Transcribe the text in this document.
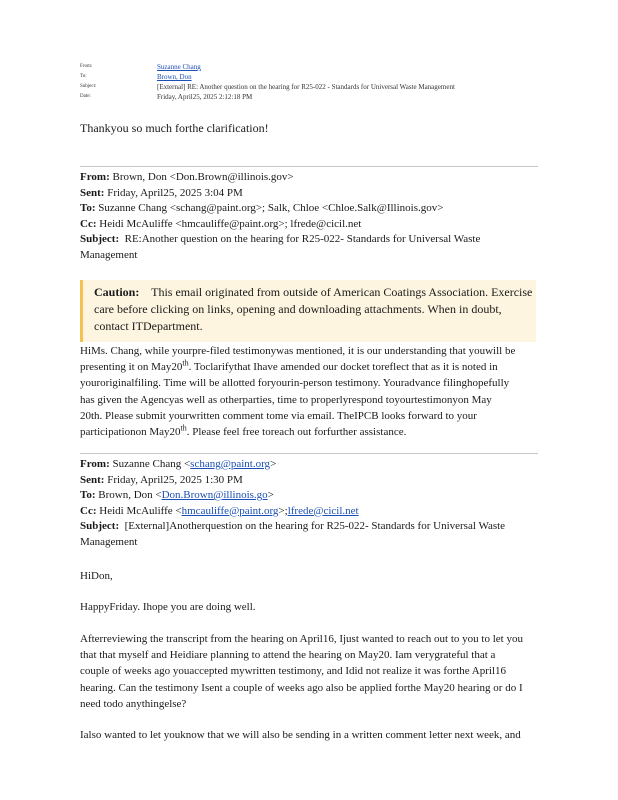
From:	Suzanne Chang
To:	Brown, Don
Subject:	[External] RE: Another question on the hearing for R25-022 - Standards for Universal Waste Management
Date:	Friday, April25, 2025 2:12:18 PM
Thankyou so much forthe clarification!
From: Brown, Don <Don.Brown@illinois.gov>
Sent: Friday, April25, 2025 3:04 PM
To: Suzanne Chang <schang@paint.org>; Salk, Chloe <Chloe.Salk@Illinois.gov>
Cc: Heidi McAuliffe <hmcauliffe@paint.org>; lfrede@cicil.net
Subject: RE:Another question on the hearing for R25-022- Standards for Universal Waste
Management
Caution: This email originated from outside of American Coatings Association. Exercise
care before clicking on links, opening and downloading attachments. When in doubt,
contact ITDepartment.
HiMs. Chang, while yourpre-filed testimonywas mentioned, it is our understanding that youwill be
presenting it on May20th. Toclarifythat Ihave amended our docket toreflect that as it is noted in
youroriginalfiling. Time will be allotted foryourin-person testimony. Youradvance filinghopefully
has given the Agencyas well as otherparties, time to properlyrespond toyourtestimonyon May
20th. Please submit yourwritten comment tome via email. TheIPCB looks forward to your
participationon May20th. Please feel free toreach out forfurther assistance.
From: Suzanne Chang <schang@paint.org>
Sent: Friday, April25, 2025 1:30 PM
To: Brown, Don <Don.Brown@illinois.go>
Cc: Heidi McAuliffe <hmcauliffe@paint.org>;lfrede@cicil.net
Subject: [External]Anotherquestion on the hearing for R25-022- Standards for Universal Waste
Management
HiDon,
HappyFriday. Ihope you are doing well.
Afterreviewing the transcript from the hearing on April16, Ijust wanted to reach out to you to let you
that that myself and Heidiare planning to attend the hearing on May20. Iam verygrateful that a
couple of weeks ago youaccepted mywritten testimony, and Idid not realize it was forthe April16
hearing. Can the testimony Isent a couple of weeks ago also be applied forthe May20 hearing or do I
need todo anythingelse?
Ialso wanted to let youknow that we will also be sending in a written comment letter next week, and
